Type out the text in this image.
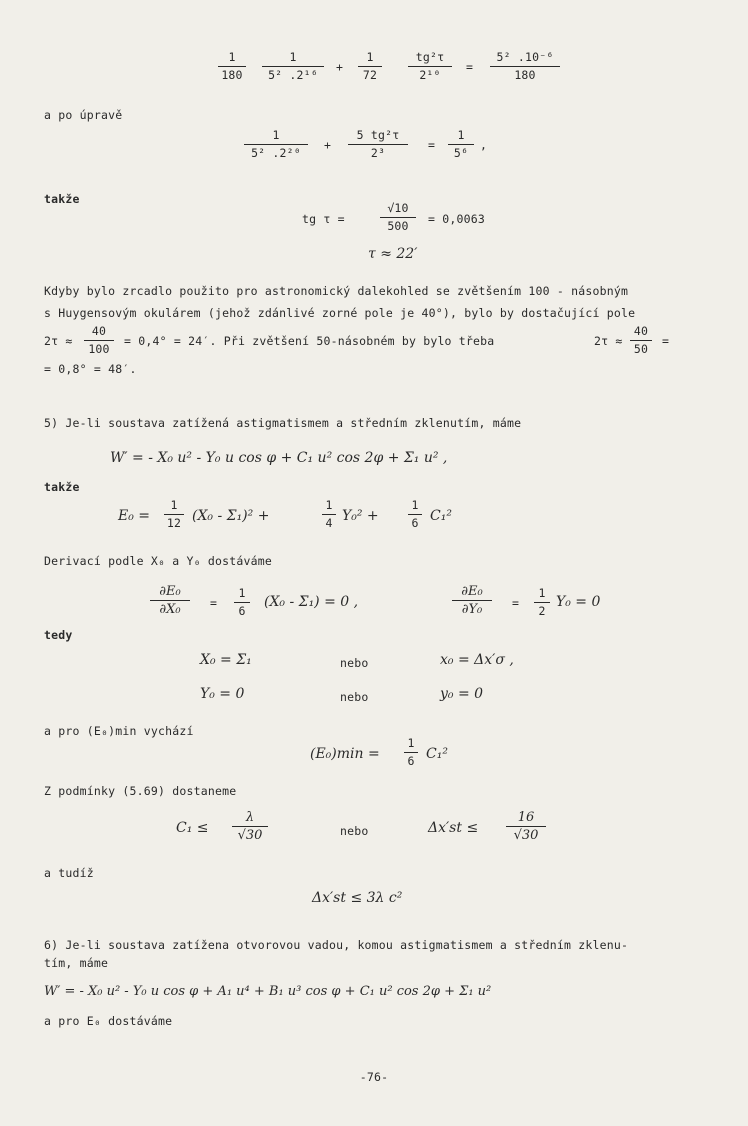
1
180
1
5² .2¹⁶
+
1
72
tg²τ
2¹⁰
=
5² .10⁻⁶
180
a po úpravě
1
5² .2²⁰
+
5 tg²τ
2³
=
1
5⁶
,
takže
tg τ =
√10
500	= 0,0063
τ ≈ 22′
Kdyby bylo zrcadlo použito pro astronomický dalekohled se zvětšením 100 - násobným
s Huygensovým okulárem (jehož zdánlivé zorné pole je 40°), bylo by dostačující pole
2τ ≈
40
100
= 0,4° = 24′. Při zvětšení 50-násobném by bylo třeba	2τ ≈
40
50
=
= 0,8° = 48′.
5) Je-li soustava zatížená astigmatismem a středním zklenutím, máme
W′ = - X₀ u² - Y₀ u cos φ + C₁ u² cos 2φ + Σ₁ u² ,
takže
E₀ =
1
12 (X₀ - Σ₁)² +
1
4 Y₀² +
1
6 C₁²
Derivací podle X₀ a Y₀ dostáváme
∂E₀
∂X₀	=
1
6
(X₀ - Σ₁) = 0 ,
∂E₀
∂Y₀	=
1
2
Y₀ = 0
tedy
X₀ = Σ₁	nebo	x₀ = Δx′σ ,
Y₀ = 0	nebo	y₀ = 0
a pro (E₀)min vychází
(E₀)min =
1
6 C₁²
Z podmínky (5.69) dostaneme
C₁ ≤
λ
√30	nebo	Δx′st ≤
16
√30
a tudíž
Δx′st ≤ 3λ c²
6) Je-li soustava zatížena otvorovou vadou, komou astigmatismem a středním zklenu-
tím, máme
W′ = - X₀ u² - Y₀ u cos φ + A₁ u⁴ + B₁ u³ cos φ + C₁ u² cos 2φ + Σ₁ u²
a pro E₀ dostáváme
-76-
